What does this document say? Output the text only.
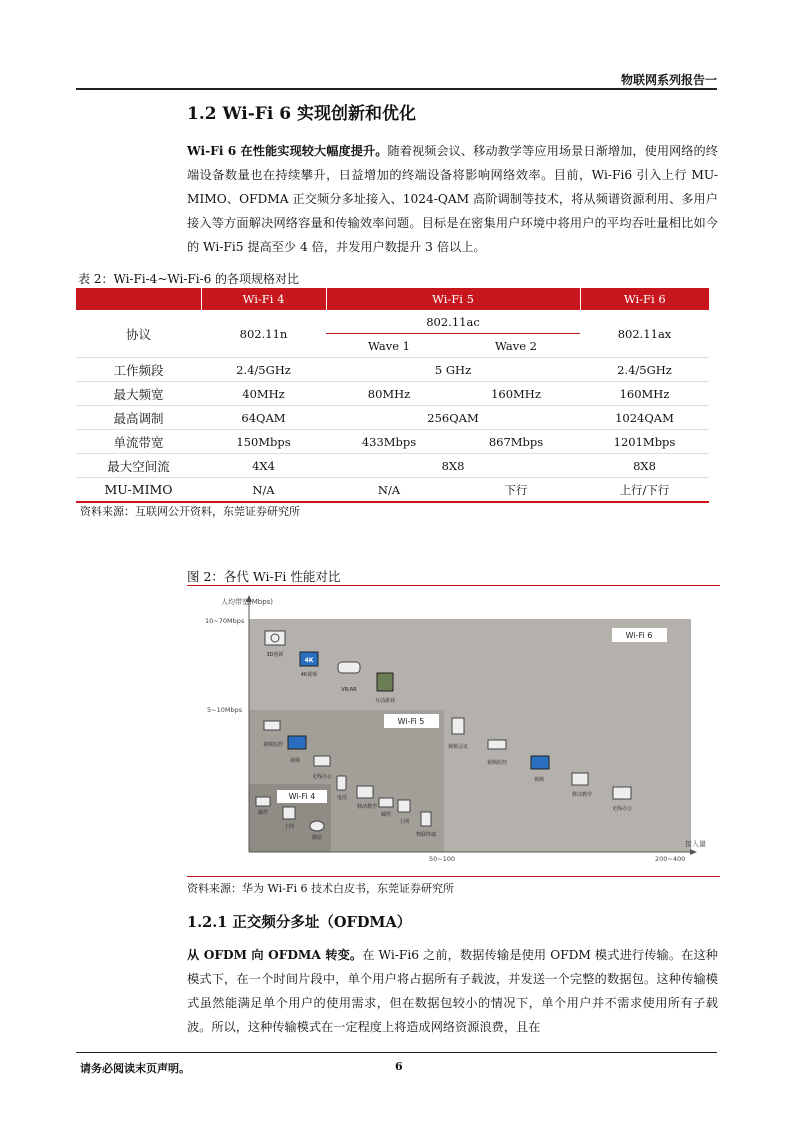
物联网系列报告一
1.2 Wi-Fi 6 实现创新和优化
Wi-Fi 6 在性能实现较大幅度提升。随着视频会议、移动教学等应用场景日渐增加，使用网络的终端设备数量也在持续攀升，日益增加的终端设备将影响网络效率。目前，Wi-Fi6 引入上行 MU-MIMO、OFDMA 正交频分多址接入、1024-QAM 高阶调制等技术，将从频谱资源利用、多用户接入等方面解决网络容量和传输效率问题。目标是在密集用户环境中将用户的平均吞吐量相比如今的 Wi-Fi5 提高至少 4 倍，并发用户数提升 3 倍以上。
表 2：Wi-Fi-4~Wi-Fi-6 的各项规格对比
	Wi-Fi 4	Wi-Fi 5		Wi-Fi 6
协议	802.11n	802.11ac		802.11ax
		Wave 1	Wave 2	
工作频段	2.4/5GHz	5 GHz		2.4/5GHz
最大频宽	40MHz	80MHz	160MHz	160MHz
最高调制	64QAM	256QAM		1024QAM
单流带宽	150Mbps	433Mbps	867Mbps	1201Mbps
最大空间流	4X4	8X8		8X8
MU-MIMO	N/A	N/A	下行	上行/下行
资料来源：互联网公开资料，东莞证券研究所
图 2：各代 Wi-Fi 性能对比
人均带宽(Mbps)
10~70Mbps
5~10Mbps
接入量
50~100	200~400
Wi-Fi 6
Wi-Fi 5
Wi-Fi 4
3D创新
4K
4K视频
VR/AR
互动游戏
视频监控
视频
无线办公
电话
移动教学
邮件
上网
物联终端
邮件
上网
微信
视频会议
视频监控
视频
移动教学
无线办公
资料来源：华为 Wi-Fi 6 技术白皮书，东莞证券研究所
1.2.1 正交频分多址（OFDMA）
从 OFDM 向 OFDMA 转变。在 Wi-Fi6 之前，数据传输是使用 OFDM 模式进行传输。在这种模式下，在一个时间片段中，单个用户将占据所有子载波，并发送一个完整的数据包。这种传输模式虽然能满足单个用户的使用需求，但在数据包较小的情况下，单个用户并不需求使用所有子载波。所以，这种传输模式在一定程度上将造成网络资源浪费，且在
请务必阅读末页声明。	6
